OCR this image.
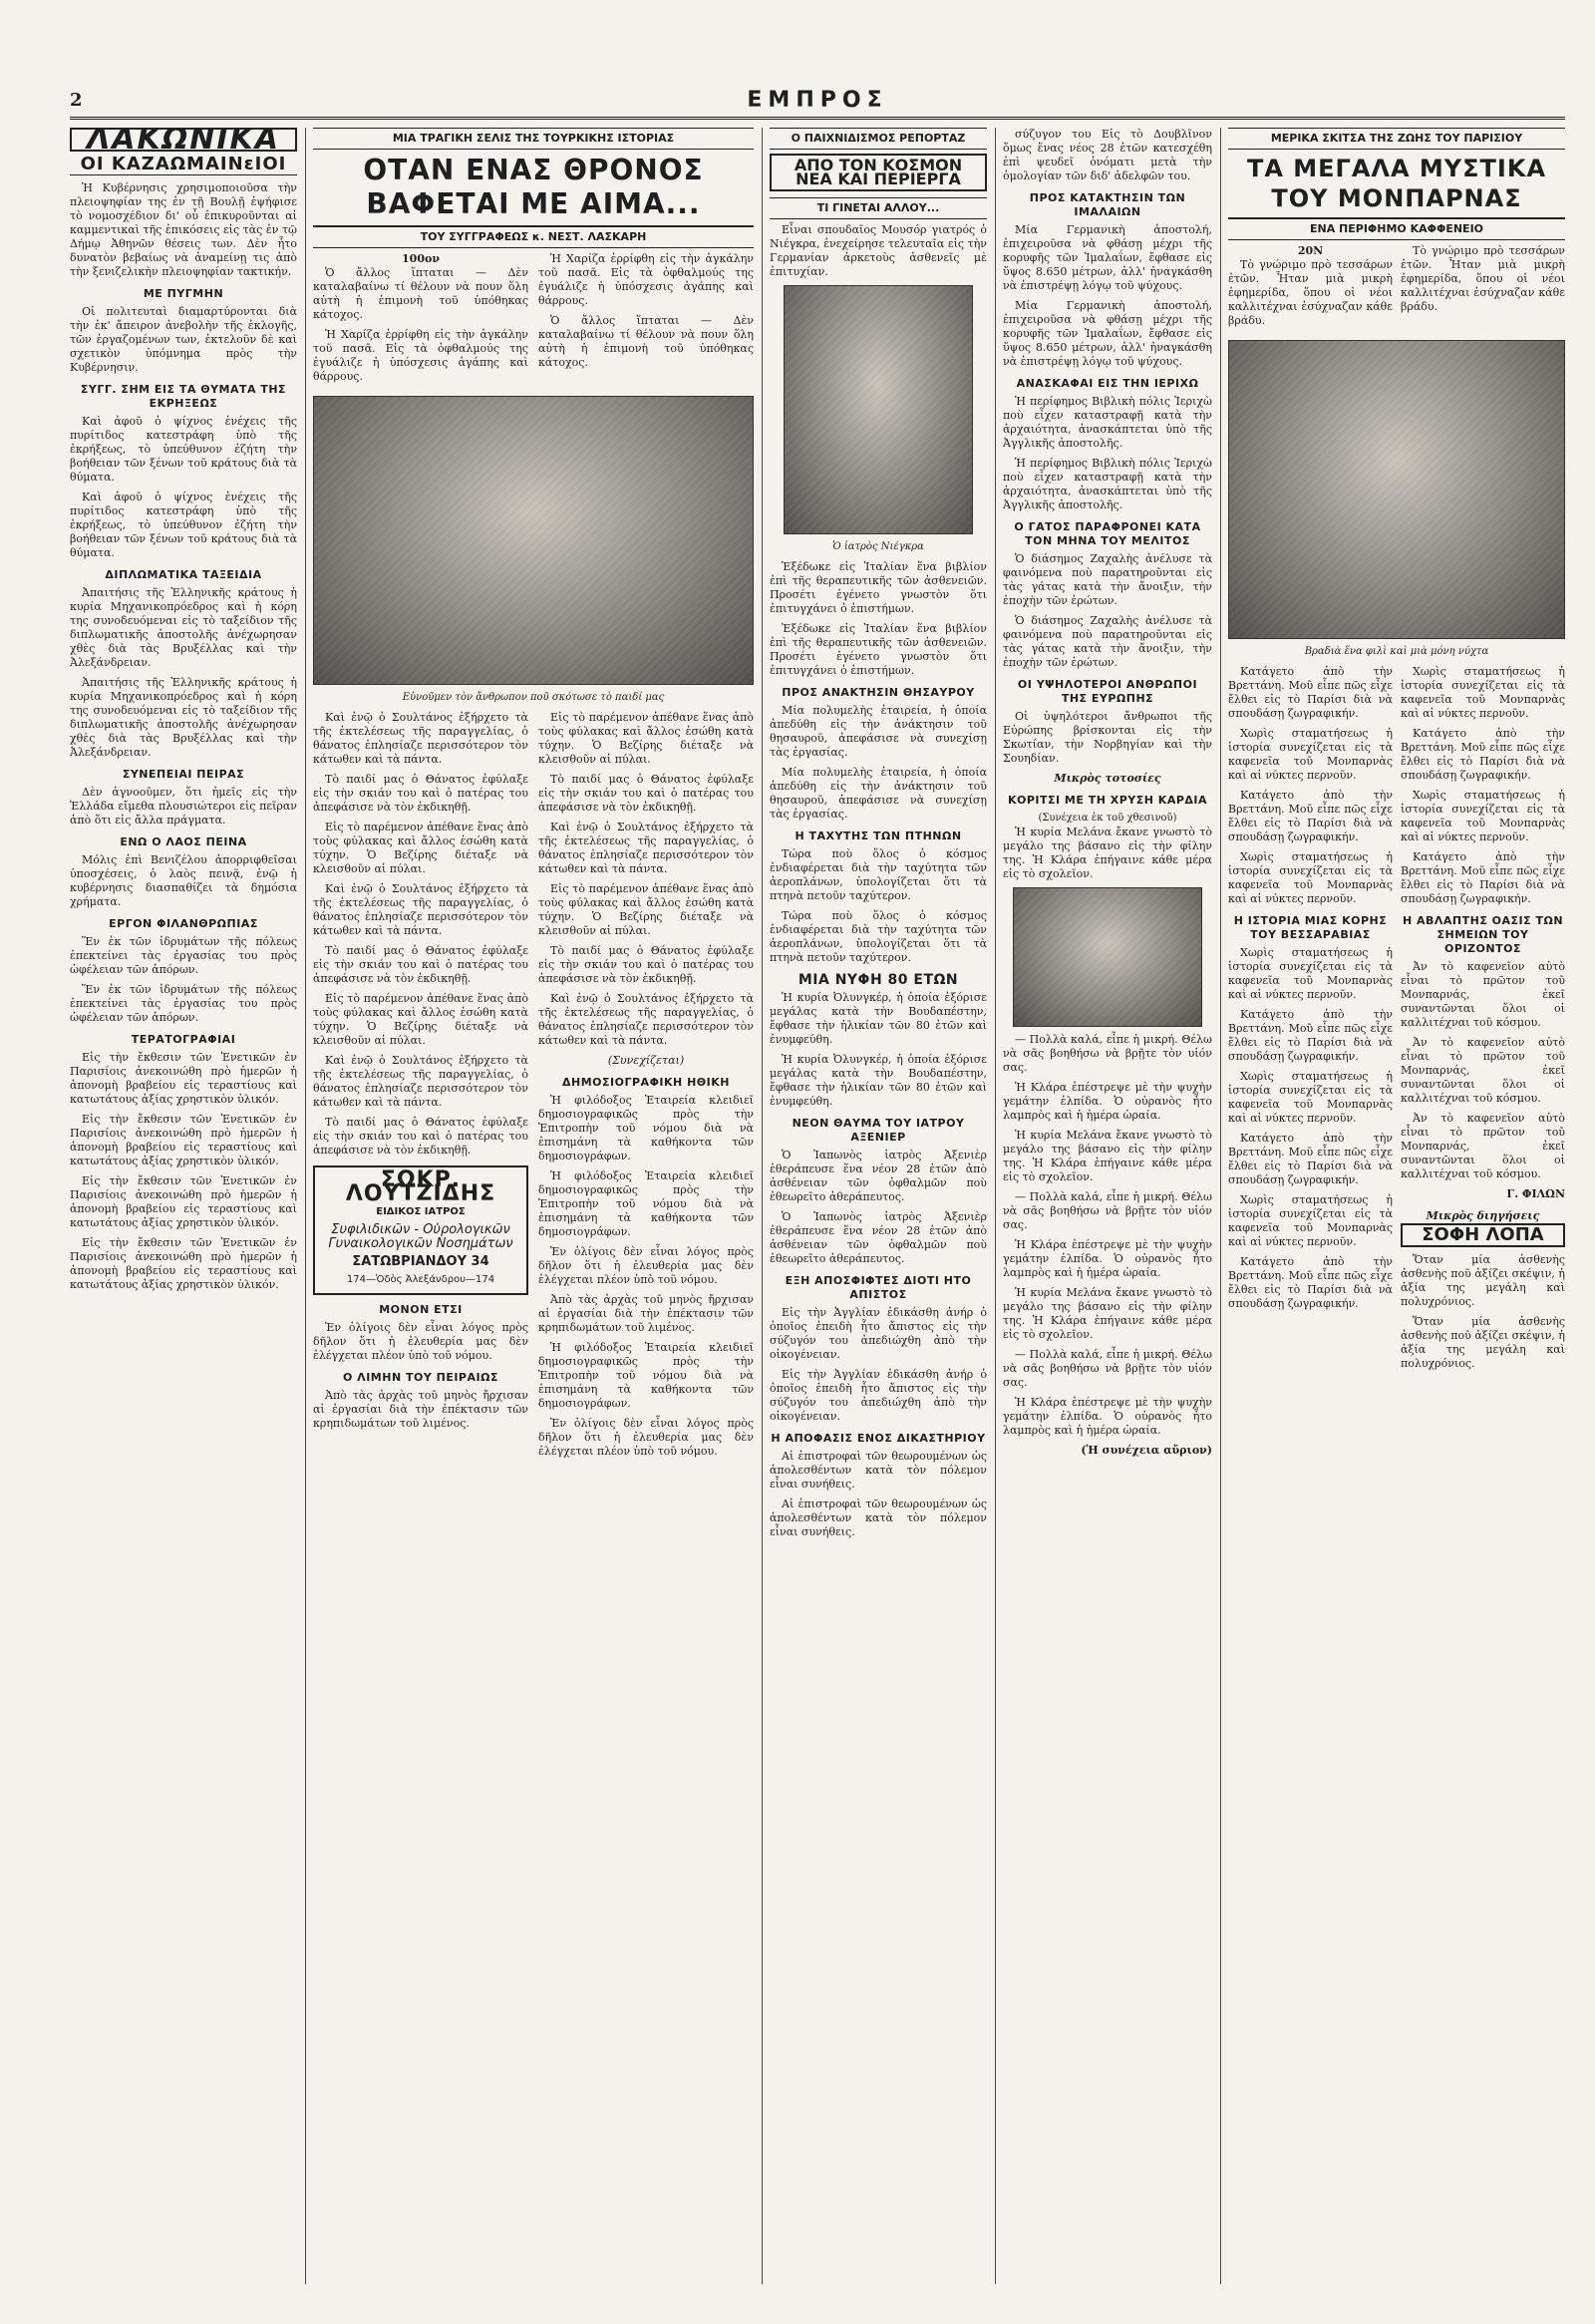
2	ΕΜΠΡΟΣ
ΛΑΚΩΝΙΚΑ
ΟΙ ΚΑΖΑΩΜΑΙΝεΙΟΙ

Ἡ Κυβέρνησις χρησιμοποιοῦσα τὴν πλειοψηφίαν της ἐν τῇ Βουλῇ ἐψήφισε τὸ νομοσχέδιον δι' οὗ ἐπικυροῦνται αἱ καμμεντικαὶ τῆς ἐπικόσεις εἰς τὰς ἐν τῷ Δήμῳ Ἀθηνῶν θέσεις των. Δὲν ἦτο δυνατὸν βεβαίως νὰ ἀναμείνῃ τις ἀπὸ τὴν ξενιζελικὴν πλειοψηφίαν τακτικήν.

ΜΕ ΠΥΓΜΗΝ

Οἱ πολιτευταὶ διαμαρτύρονται διὰ τὴν ἐκ' ἄπειρον ἀνεβολὴν τῆς ἐκλογῆς, τῶν ἐργαζομένων των, ἐκτελοῦν δὲ καὶ σχετικὸν ὑπόμνημα πρὸς τὴν Κυβέρνησιν.

ΣΥΓΓ. ΣΗΜ ΕΙΣ ΤΑ ΘΥΜΑΤΑ ΤΗΣ ΕΚΡΗΞΕΩΣ

Καὶ ἀφοῦ ὁ ψίχνος ἐνέχεις τῆς πυρίτιδος κατεστράφη ὑπὸ τῆς ἐκρήξεως, τὸ ὑπεύθυνον ἐζήτη τὴν βοήθειαν τῶν ξένων τοῦ κράτους διὰ τὰ θύματα.

Καὶ ἀφοῦ ὁ ψίχνος ἐνέχεις τῆς πυρίτιδος κατεστράφη ὑπὸ τῆς ἐκρήξεως, τὸ ὑπεύθυνον ἐζήτη τὴν βοήθειαν τῶν ξένων τοῦ κράτους διὰ τὰ θύματα.

ΔΙΠΛΩΜΑΤΙΚΑ ΤΑΞΕΙΔΙΑ

Ἀπαιτήσις τῆς Ἑλληνικῆς κράτους ἡ κυρία Μηχανικοπρόεδρος καὶ ἡ κόρη της συνοδευόμεναι εἰς τὸ ταξείδιον τῆς διπλωματικῆς ἀποστολῆς ἀνέχωρησαν χθὲς διὰ τὰς Βρυξέλλας καὶ τὴν Ἀλεξάνδρειαν.

Ἀπαιτήσις τῆς Ἑλληνικῆς κράτους ἡ κυρία Μηχανικοπρόεδρος καὶ ἡ κόρη της συνοδευόμεναι εἰς τὸ ταξείδιον τῆς διπλωματικῆς ἀποστολῆς ἀνέχωρησαν χθὲς διὰ τὰς Βρυξέλλας καὶ τὴν Ἀλεξάνδρειαν.

ΣΥΝΕΠΕΙΑΙ ΠΕΙΡΑΣ

Δὲν ἀγνοοῦμεν, ὅτι ἡμεῖς εἰς τὴν Ἑλλάδα εἴμεθα πλουσιώτεροι εἰς πεῖραν ἀπὸ ὅτι εἰς ἄλλα πράγματα.

ΕΝΩ Ο ΛΑΟΣ ΠΕΙΝΑ

Μόλις ἐπὶ Βενιζέλου ἀπορριφθεῖσαι ὑποσχέσεις, ὁ λαὸς πεινᾷ, ἐνῷ ἡ κυβέρνησις διασπαθίζει τὰ δημόσια χρήματα.

ΕΡΓΟΝ ΦΙΛΑΝΘΡΩΠΙΑΣ

Ἕν ἐκ τῶν ἱδρυμάτων τῆς πόλεως ἐπεκτείνει τὰς ἐργασίας του πρὸς ὠφέλειαν τῶν ἀπόρων.

Ἕν ἐκ τῶν ἱδρυμάτων τῆς πόλεως ἐπεκτείνει τὰς ἐργασίας του πρὸς ὠφέλειαν τῶν ἀπόρων.

ΤΕΡΑΤΟΓΡΑΦΙΑΙ

Εἰς τὴν ἔκθεσιν τῶν Ἐνετικῶν ἐν Παρισίοις ἀνεκοινώθη πρὸ ἡμερῶν ἡ ἀπονομὴ βραβείου εἰς τεραστίους καὶ κατωτάτους ἀξίας χρηστικὸν ὑλικόν.

Εἰς τὴν ἔκθεσιν τῶν Ἐνετικῶν ἐν Παρισίοις ἀνεκοινώθη πρὸ ἡμερῶν ἡ ἀπονομὴ βραβείου εἰς τεραστίους καὶ κατωτάτους ἀξίας χρηστικὸν ὑλικόν.

Εἰς τὴν ἔκθεσιν τῶν Ἐνετικῶν ἐν Παρισίοις ἀνεκοινώθη πρὸ ἡμερῶν ἡ ἀπονομὴ βραβείου εἰς τεραστίους καὶ κατωτάτους ἀξίας χρηστικὸν ὑλικόν.

Εἰς τὴν ἔκθεσιν τῶν Ἐνετικῶν ἐν Παρισίοις ἀνεκοινώθη πρὸ ἡμερῶν ἡ ἀπονομὴ βραβείου εἰς τεραστίους καὶ κατωτάτους ἀξίας χρηστικὸν ὑλικόν.

ΜΙΑ ΤΡΑΓΙΚΗ ΣΕΛΙΣ ΤΗΣ ΤΟΥΡΚΙΚΗΣ ΙΣΤΟΡΙΑΣ
ΟΤΑΝ ΕΝΑΣ ΘΡΟΝΟΣ
ΒΑΦΕΤΑΙ ΜΕ ΑΙΜΑ...
ΤΟΥ ΣΥΓΓΡΑΦΕΩΣ κ. ΝΕΣΤ. ΛΑΣΚΑΡΗ
100ον

Ὁ ἄλλος ἵπταται — Δὲν καταλαβαίνω τί θέλουν νὰ πουν ὅλη αὐτὴ ἡ ἐπιμονὴ τοῦ ὑπόθηκας κάτοχος.

Ἡ Χαρίζα ἐρρίφθη εἰς τὴν ἀγκάλην τοῦ πασᾶ. Εἰς τὰ ὀφθαλμούς της ἐγυάλιζε ἡ ὑπόσχεσις ἀγάπης καὶ θάρρους.

Ἡ Χαρίζα ἐρρίφθη εἰς τὴν ἀγκάλην τοῦ πασᾶ. Εἰς τὰ ὀφθαλμούς της ἐγυάλιζε ἡ ὑπόσχεσις ἀγάπης καὶ θάρρους.

Ὁ ἄλλος ἵπταται — Δὲν καταλαβαίνω τί θέλουν νὰ πουν ὅλη αὐτὴ ἡ ἐπιμονὴ τοῦ ὑπόθηκας κάτοχος.

Εὐνοῦμεν τὸν ἄνθρωπον ποῦ σκότωσε τὸ παιδί μας

Καὶ ἐνῷ ὁ Σουλτάνος ἐξήρχετο τὰ τῆς ἐκτελέσεως τῆς παραγγελίας, ὁ θάνατος ἐπλησίαζε περισσότερον τὸν κάτωθεν καὶ τὰ πάντα.

Τὸ παιδί μας ὁ Θάνατος ἐφύλαξε εἰς τὴν σκιάν του καὶ ὁ πατέρας του ἀπεφάσισε νὰ τὸν ἐκδικηθῇ.

Εἰς τὸ παρέμενον ἀπέθανε ἕνας ἀπὸ τοὺς φύλακας καὶ ἄλλος ἐσώθη κατὰ τύχην. Ὁ Βεζίρης διέταξε νὰ κλεισθοῦν αἱ πύλαι.

Καὶ ἐνῷ ὁ Σουλτάνος ἐξήρχετο τὰ τῆς ἐκτελέσεως τῆς παραγγελίας, ὁ θάνατος ἐπλησίαζε περισσότερον τὸν κάτωθεν καὶ τὰ πάντα.

Τὸ παιδί μας ὁ Θάνατος ἐφύλαξε εἰς τὴν σκιάν του καὶ ὁ πατέρας του ἀπεφάσισε νὰ τὸν ἐκδικηθῇ.

Εἰς τὸ παρέμενον ἀπέθανε ἕνας ἀπὸ τοὺς φύλακας καὶ ἄλλος ἐσώθη κατὰ τύχην. Ὁ Βεζίρης διέταξε νὰ κλεισθοῦν αἱ πύλαι.

Καὶ ἐνῷ ὁ Σουλτάνος ἐξήρχετο τὰ τῆς ἐκτελέσεως τῆς παραγγελίας, ὁ θάνατος ἐπλησίαζε περισσότερον τὸν κάτωθεν καὶ τὰ πάντα.

Τὸ παιδί μας ὁ Θάνατος ἐφύλαξε εἰς τὴν σκιάν του καὶ ὁ πατέρας του ἀπεφάσισε νὰ τὸν ἐκδικηθῇ.

ΣΩΚΡ. ΛΟΥΤΖΙΔΗΣ
ΕΙΔΙΚΟΣ ΙΑΤΡΟΣ
Συφιλιδικῶν - Οὐρολογικῶν Γυναικολογικῶν Νοσημάτων
ΣΑΤΩΒΡΙΑΝΔΟΥ 34
174—Ὁδὸς Ἀλεξάνδρου—174
ΜΟΝΟΝ ΕΤΣΙ

Ἐν ὀλίγοις δὲν εἶναι λόγος πρὸς δῆλον ὅτι ἡ ἐλευθερία μας δὲν ἐλέγχεται πλέον ὑπὸ τοῦ νόμου.

Ο ΛΙΜΗΝ ΤΟΥ ΠΕΙΡΑΙΩΣ

Ἀπὸ τὰς ἀρχὰς τοῦ μηνὸς ἤρχισαν αἱ ἐργασίαι διὰ τὴν ἐπέκτασιν τῶν κρηπιδωμάτων τοῦ λιμένος.

Εἰς τὸ παρέμενον ἀπέθανε ἕνας ἀπὸ τοὺς φύλακας καὶ ἄλλος ἐσώθη κατὰ τύχην. Ὁ Βεζίρης διέταξε νὰ κλεισθοῦν αἱ πύλαι.

Τὸ παιδί μας ὁ Θάνατος ἐφύλαξε εἰς τὴν σκιάν του καὶ ὁ πατέρας του ἀπεφάσισε νὰ τὸν ἐκδικηθῇ.

Καὶ ἐνῷ ὁ Σουλτάνος ἐξήρχετο τὰ τῆς ἐκτελέσεως τῆς παραγγελίας, ὁ θάνατος ἐπλησίαζε περισσότερον τὸν κάτωθεν καὶ τὰ πάντα.

Εἰς τὸ παρέμενον ἀπέθανε ἕνας ἀπὸ τοὺς φύλακας καὶ ἄλλος ἐσώθη κατὰ τύχην. Ὁ Βεζίρης διέταξε νὰ κλεισθοῦν αἱ πύλαι.

Τὸ παιδί μας ὁ Θάνατος ἐφύλαξε εἰς τὴν σκιάν του καὶ ὁ πατέρας του ἀπεφάσισε νὰ τὸν ἐκδικηθῇ.

Καὶ ἐνῷ ὁ Σουλτάνος ἐξήρχετο τὰ τῆς ἐκτελέσεως τῆς παραγγελίας, ὁ θάνατος ἐπλησίαζε περισσότερον τὸν κάτωθεν καὶ τὰ πάντα.

(Συνεχίζεται)
ΔΗΜΟΣΙΟΓΡΑΦΙΚΗ ΗΘΙΚΗ

Ἡ φιλόδοξος Ἐταιρεία κλειδιεῖ δημοσιογραφικῶς πρὸς τὴν Ἐπιτροπὴν τοῦ νόμου διὰ νὰ ἐπισημάνη τὰ καθήκοντα τῶν δημοσιογράφων.

Ἡ φιλόδοξος Ἐταιρεία κλειδιεῖ δημοσιογραφικῶς πρὸς τὴν Ἐπιτροπὴν τοῦ νόμου διὰ νὰ ἐπισημάνη τὰ καθήκοντα τῶν δημοσιογράφων.

Ἐν ὀλίγοις δὲν εἶναι λόγος πρὸς δῆλον ὅτι ἡ ἐλευθερία μας δὲν ἐλέγχεται πλέον ὑπὸ τοῦ νόμου.

Ἀπὸ τὰς ἀρχὰς τοῦ μηνὸς ἤρχισαν αἱ ἐργασίαι διὰ τὴν ἐπέκτασιν τῶν κρηπιδωμάτων τοῦ λιμένος.

Ἡ φιλόδοξος Ἐταιρεία κλειδιεῖ δημοσιογραφικῶς πρὸς τὴν Ἐπιτροπὴν τοῦ νόμου διὰ νὰ ἐπισημάνη τὰ καθήκοντα τῶν δημοσιογράφων.

Ἐν ὀλίγοις δὲν εἶναι λόγος πρὸς δῆλον ὅτι ἡ ἐλευθερία μας δὲν ἐλέγχεται πλέον ὑπὸ τοῦ νόμου.

Ο ΠΑΙΧΝΙΔΙΣΜΟΣ ΡΕΠΟΡΤΑΖ
ΑΠΟ ΤΟΝ ΚΟΣΜΟΝ
ΝΕΑ ΚΑΙ ΠΕΡΙΕΡΓΑ
ΤΙ ΓΙΝΕΤΑΙ ΑΛΛΟΥ...

Εἶναι σπουδαῖος Μουσόρ γιατρός ὁ Νιέγκρα, ἐνεχείρησε τελευταῖα εἰς τὴν Γερμανίαν ἀρκετοὺς ἀσθενεῖς μὲ ἐπιτυχίαν.

Ὁ ἰατρὸς Νιέγκρα

Ἐξέδωκε εἰς Ἰταλίαν ἕνα βιβλίον ἐπὶ τῆς θεραπευτικῆς τῶν ἀσθενειῶν. Προσέτι ἐγένετο γνωστὸν ὅτι ἐπιτυγχάνει ὁ ἐπιστήμων.

Ἐξέδωκε εἰς Ἰταλίαν ἕνα βιβλίον ἐπὶ τῆς θεραπευτικῆς τῶν ἀσθενειῶν. Προσέτι ἐγένετο γνωστὸν ὅτι ἐπιτυγχάνει ὁ ἐπιστήμων.

ΠΡΟΣ ΑΝΑΚΤΗΣΙΝ ΘΗΣΑΥΡΟΥ

Μία πολυμελὴς ἐταιρεία, ἡ ὁποία ἀπεδύθη εἰς τὴν ἀνάκτησιν τοῦ θησαυροῦ, ἀπεφάσισε νὰ συνεχίσῃ τὰς ἐργασίας.

Μία πολυμελὴς ἐταιρεία, ἡ ὁποία ἀπεδύθη εἰς τὴν ἀνάκτησιν τοῦ θησαυροῦ, ἀπεφάσισε νὰ συνεχίσῃ τὰς ἐργασίας.

Η ΤΑΧΥΤΗΣ ΤΩΝ ΠΤΗΝΩΝ

Τώρα ποὺ ὅλος ὁ κόσμος ἐνδιαφέρεται διὰ τὴν ταχύτητα τῶν ἀεροπλάνων, ὑπολογίζεται ὅτι τὰ πτηνὰ πετοῦν ταχύτερον.

Τώρα ποὺ ὅλος ὁ κόσμος ἐνδιαφέρεται διὰ τὴν ταχύτητα τῶν ἀεροπλάνων, ὑπολογίζεται ὅτι τὰ πτηνὰ πετοῦν ταχύτερον.

ΜΙΑ ΝΥΦΗ 80 ΕΤΩΝ

Ἡ κυρία Ὀλυνγκέρ, ἡ ὁποία ἐξόρισε μεγάλας κατὰ τὴν Βουδαπέστην, ἔφθασε τὴν ἡλικίαν τῶν 80 ἐτῶν καὶ ἐνυμφεύθη.

Ἡ κυρία Ὀλυνγκέρ, ἡ ὁποία ἐξόρισε μεγάλας κατὰ τὴν Βουδαπέστην, ἔφθασε τὴν ἡλικίαν τῶν 80 ἐτῶν καὶ ἐνυμφεύθη.

ΝΕΟΝ ΘΑΥΜΑ ΤΟΥ ΙΑΤΡΟΥ ΑΞΕΝΙΕΡ

Ὁ Ἰαπωνὸς ἰατρὸς Ἀξενιὲρ ἐθεράπευσε ἕνα νέον 28 ἐτῶν ἀπὸ ἀσθένειαν τῶν ὀφθαλμῶν ποὺ ἐθεωρεῖτο ἀθεράπευτος.

Ὁ Ἰαπωνὸς ἰατρὸς Ἀξενιὲρ ἐθεράπευσε ἕνα νέον 28 ἐτῶν ἀπὸ ἀσθένειαν τῶν ὀφθαλμῶν ποὺ ἐθεωρεῖτο ἀθεράπευτος.

ΕΞΗ ΑΠΟΣΦΙΦΤΕΣ ΔΙΟΤΙ ΗΤΟ ΑΠΙΣΤΟΣ

Εἰς τὴν Ἀγγλίαν ἐδικάσθη ἀνήρ ὁ ὁποῖος ἐπειδὴ ἦτο ἄπιστος εἰς τὴν σύζυγόν του ἀπεδιώχθη ἀπὸ τὴν οἰκογένειαν.

Εἰς τὴν Ἀγγλίαν ἐδικάσθη ἀνήρ ὁ ὁποῖος ἐπειδὴ ἦτο ἄπιστος εἰς τὴν σύζυγόν του ἀπεδιώχθη ἀπὸ τὴν οἰκογένειαν.

Η ΑΠΟΦΑΣΙΣ ΕΝΟΣ ΔΙΚΑΣΤΗΡΙΟΥ

Αἱ ἐπιστροφαὶ τῶν θεωρουμένων ὡς ἀπολεσθέντων κατὰ τὸν πόλεμον εἶναι συνήθεις.

Αἱ ἐπιστροφαὶ τῶν θεωρουμένων ὡς ἀπολεσθέντων κατὰ τὸν πόλεμον εἶναι συνήθεις.

σύζυγον του Εἰς τὸ Δουβλῖνον ὅμως ἕνας νέος 28 ἐτῶν κατεσχέθη ἐπὶ ψευδεῖ ὀνόματι μετὰ τὴν ὁμολογίαν τῶν διδ' ἀδελφῶν του.

ΠΡΟΣ ΚΑΤΑΚΤΗΣΙΝ ΤΩΝ ΙΜΑΛΑΙΩΝ

Μία Γερμανικὴ ἀποστολή, ἐπιχειροῦσα νὰ φθάσῃ μέχρι τῆς κορυφῆς τῶν Ἱμαλαΐων, ἔφθασε εἰς ὕψος 8.650 μέτρων, ἀλλ' ἠναγκάσθη νὰ ἐπιστρέψῃ λόγῳ τοῦ ψύχους.

Μία Γερμανικὴ ἀποστολή, ἐπιχειροῦσα νὰ φθάσῃ μέχρι τῆς κορυφῆς τῶν Ἱμαλαΐων, ἔφθασε εἰς ὕψος 8.650 μέτρων, ἀλλ' ἠναγκάσθη νὰ ἐπιστρέψῃ λόγῳ τοῦ ψύχους.

ΑΝΑΣΚΑΦΑΙ ΕΙΣ ΤΗΝ ΙΕΡΙΧΩ

Ἡ περίφημος Βιβλικὴ πόλις Ἰεριχὼ ποὺ εἶχεν καταστραφῇ κατὰ τὴν ἀρχαιότητα, ἀνασκάπτεται ὑπὸ τῆς Ἀγγλικῆς ἀποστολῆς.

Ἡ περίφημος Βιβλικὴ πόλις Ἰεριχὼ ποὺ εἶχεν καταστραφῇ κατὰ τὴν ἀρχαιότητα, ἀνασκάπτεται ὑπὸ τῆς Ἀγγλικῆς ἀποστολῆς.

Ο ΓΑΤΟΣ ΠΑΡΑΦΡΟΝΕΙ ΚΑΤΑ ΤΟΝ ΜΗΝΑ ΤΟΥ ΜΕΛΙΤΟΣ

Ὁ διάσημος Ζαχαλὴς ἀνέλυσε τὰ φαινόμενα ποὺ παρατηροῦνται εἰς τὰς γάτας κατὰ τὴν ἄνοιξιν, τὴν ἐποχὴν τῶν ἐρώτων.

Ὁ διάσημος Ζαχαλὴς ἀνέλυσε τὰ φαινόμενα ποὺ παρατηροῦνται εἰς τὰς γάτας κατὰ τὴν ἄνοιξιν, τὴν ἐποχὴν τῶν ἐρώτων.

ΟΙ ΥΨΗΛΟΤΕΡΟΙ ΑΝΘΡΩΠΟΙ ΤΗΣ ΕΥΡΩΠΗΣ

Οἱ ὑψηλότεροι ἄνθρωποι τῆς Εὐρώπης βρίσκονται εἰς τὴν Σκωτίαν, τὴν Νορβηγίαν καὶ τὴν Σουηδίαν.

Μικρὸς τοτοσίες
ΚΟΡΙΤΣΙ ΜΕ ΤΗ ΧΡΥΣΗ ΚΑΡΔΙΑ
(Συνέχεια ἐκ τοῦ χθεσινοῦ)

Ἡ κυρία Μελάνα ἔκανε γνωστὸ τὸ μεγάλο της βάσανο εἰς τὴν φίλην της. Ἡ Κλάρα ἐπήγαινε κάθε μέρα εἰς τὸ σχολεῖον.

— Πολλὰ καλά, εἶπε ἡ μικρή. Θέλω νὰ σᾶς βοηθήσω νὰ βρῇτε τὸν υἱόν σας.

Ἡ Κλάρα ἐπέστρεψε μὲ τὴν ψυχὴν γεμάτην ἐλπίδα. Ὁ οὐρανὸς ἦτο λαμπρὸς καὶ ἡ ἡμέρα ὡραία.

Ἡ κυρία Μελάνα ἔκανε γνωστὸ τὸ μεγάλο της βάσανο εἰς τὴν φίλην της. Ἡ Κλάρα ἐπήγαινε κάθε μέρα εἰς τὸ σχολεῖον.

— Πολλὰ καλά, εἶπε ἡ μικρή. Θέλω νὰ σᾶς βοηθήσω νὰ βρῇτε τὸν υἱόν σας.

Ἡ Κλάρα ἐπέστρεψε μὲ τὴν ψυχὴν γεμάτην ἐλπίδα. Ὁ οὐρανὸς ἦτο λαμπρὸς καὶ ἡ ἡμέρα ὡραία.

Ἡ κυρία Μελάνα ἔκανε γνωστὸ τὸ μεγάλο της βάσανο εἰς τὴν φίλην της. Ἡ Κλάρα ἐπήγαινε κάθε μέρα εἰς τὸ σχολεῖον.

— Πολλὰ καλά, εἶπε ἡ μικρή. Θέλω νὰ σᾶς βοηθήσω νὰ βρῇτε τὸν υἱόν σας.

Ἡ Κλάρα ἐπέστρεψε μὲ τὴν ψυχὴν γεμάτην ἐλπίδα. Ὁ οὐρανὸς ἦτο λαμπρὸς καὶ ἡ ἡμέρα ὡραία.

(Ἡ συνέχεια αὔριον)
ΜΕΡΙΚΑ ΣΚΙΤΣΑ ΤΗΣ ΖΩΗΣ ΤΟΥ ΠΑΡΙΣΙΟΥ
ΤΑ ΜΕΓΑΛΑ ΜΥΣΤΙΚΑ
ΤΟΥ ΜΟΝΠΑΡΝΑΣ
ΕΝΑ ΠΕΡΙΦΗΜΟ ΚΑΦΦΕΝΕΙΟ
20Ν

Τὸ γνώριμο πρὸ τεσσάρων ἐτῶν. Ἦταν μιὰ μικρὴ ἐφημερίδα, ὅπου οἱ νέοι καλλιτέχναι ἐσύχναζαν κάθε βράδυ.

Τὸ γνώριμο πρὸ τεσσάρων ἐτῶν. Ἦταν μιὰ μικρὴ ἐφημερίδα, ὅπου οἱ νέοι καλλιτέχναι ἐσύχναζαν κάθε βράδυ.

Βραδιὰ ἕνα φιλὶ καὶ μιὰ μόνη νύχτα

Κατάγετο ἀπὸ τὴν Βρεττάνη. Μοῦ εἶπε πῶς εἶχε ἔλθει εἰς τὸ Παρίσι διὰ νὰ σπουδάσῃ ζωγραφικήν.

Χωρὶς σταματήσεως ἡ ἱστορία συνεχίζεται εἰς τὰ καφενεῖα τοῦ Μονπαρνὰς καὶ αἱ νύκτες περνοῦν.

Κατάγετο ἀπὸ τὴν Βρεττάνη. Μοῦ εἶπε πῶς εἶχε ἔλθει εἰς τὸ Παρίσι διὰ νὰ σπουδάσῃ ζωγραφικήν.

Χωρὶς σταματήσεως ἡ ἱστορία συνεχίζεται εἰς τὰ καφενεῖα τοῦ Μονπαρνὰς καὶ αἱ νύκτες περνοῦν.

Η ΙΣΤΟΡΙΑ ΜΙΑΣ ΚΟΡΗΣ ΤΟΥ ΒΕΣΣΑΡΑΒΙΑΣ

Χωρὶς σταματήσεως ἡ ἱστορία συνεχίζεται εἰς τὰ καφενεῖα τοῦ Μονπαρνὰς καὶ αἱ νύκτες περνοῦν.

Κατάγετο ἀπὸ τὴν Βρεττάνη. Μοῦ εἶπε πῶς εἶχε ἔλθει εἰς τὸ Παρίσι διὰ νὰ σπουδάσῃ ζωγραφικήν.

Χωρὶς σταματήσεως ἡ ἱστορία συνεχίζεται εἰς τὰ καφενεῖα τοῦ Μονπαρνὰς καὶ αἱ νύκτες περνοῦν.

Κατάγετο ἀπὸ τὴν Βρεττάνη. Μοῦ εἶπε πῶς εἶχε ἔλθει εἰς τὸ Παρίσι διὰ νὰ σπουδάσῃ ζωγραφικήν.

Χωρὶς σταματήσεως ἡ ἱστορία συνεχίζεται εἰς τὰ καφενεῖα τοῦ Μονπαρνὰς καὶ αἱ νύκτες περνοῦν.

Κατάγετο ἀπὸ τὴν Βρεττάνη. Μοῦ εἶπε πῶς εἶχε ἔλθει εἰς τὸ Παρίσι διὰ νὰ σπουδάσῃ ζωγραφικήν.

Χωρὶς σταματήσεως ἡ ἱστορία συνεχίζεται εἰς τὰ καφενεῖα τοῦ Μονπαρνὰς καὶ αἱ νύκτες περνοῦν.

Κατάγετο ἀπὸ τὴν Βρεττάνη. Μοῦ εἶπε πῶς εἶχε ἔλθει εἰς τὸ Παρίσι διὰ νὰ σπουδάσῃ ζωγραφικήν.

Χωρὶς σταματήσεως ἡ ἱστορία συνεχίζεται εἰς τὰ καφενεῖα τοῦ Μονπαρνὰς καὶ αἱ νύκτες περνοῦν.

Κατάγετο ἀπὸ τὴν Βρεττάνη. Μοῦ εἶπε πῶς εἶχε ἔλθει εἰς τὸ Παρίσι διὰ νὰ σπουδάσῃ ζωγραφικήν.

Η ΑΒΛΑΠΤΗΣ ΟΑΣΙΣ ΤΩΝ ΣΗΜΕΙΩΝ ΤΟΥ ΟΡΙΖΟΝΤΟΣ

Ἀν τὸ καφενεῖον αὐτὸ εἶναι τὸ πρῶτον τοῦ Μονπαρνάς, ἐκεῖ συναντῶνται ὅλοι οἱ καλλιτέχναι τοῦ κόσμου.

Ἀν τὸ καφενεῖον αὐτὸ εἶναι τὸ πρῶτον τοῦ Μονπαρνάς, ἐκεῖ συναντῶνται ὅλοι οἱ καλλιτέχναι τοῦ κόσμου.

Ἀν τὸ καφενεῖον αὐτὸ εἶναι τὸ πρῶτον τοῦ Μονπαρνάς, ἐκεῖ συναντῶνται ὅλοι οἱ καλλιτέχναι τοῦ κόσμου.

Γ. ΦΙΛΩΝ
Μικρὸς διηγήσεις
ΣΟΦΗ ΛΟΠΑ

Ὅταν μία ἀσθενὴς ἀσθενὴς ποῦ ἀξίζει σκέψιν, ἡ ἀξία της μεγάλη καὶ πολυχρόνιος.

Ὅταν μία ἀσθενὴς ἀσθενὴς ποῦ ἀξίζει σκέψιν, ἡ ἀξία της μεγάλη καὶ πολυχρόνιος.
